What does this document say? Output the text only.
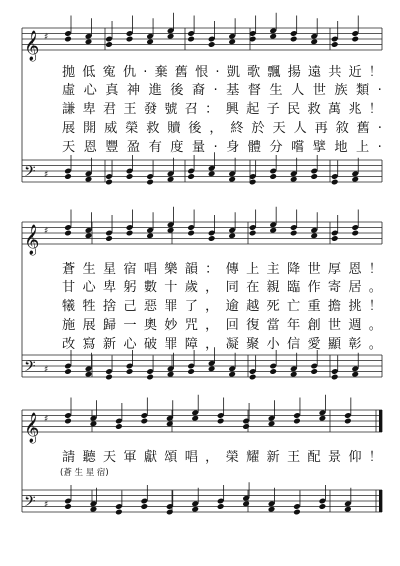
𝄞 ♯
𝄢 ♯
𝄞 ♯
𝄢 ♯
𝄞 ♯
𝄢 ♯
拋 低 寃 仇 ‧ 棄 舊 恨 ‧ 凱 歌 飄 揚 遠 共 近 ！
虛 心 真 神 進 後 裔 ‧ 基 督 生 人 世 族 類 ‧
謙 卑 君 王 發 號 召 ： 興 起 子 民 救 萬 兆 ！
展 開 威 榮 救 贖 後 ， 終 於 天 人 再 敘 舊 ‧
天 恩 豐 盈 有 度 量 ‧ 身 體 分 嚐 擘 地 上 ‧
蒼 生 星 宿 唱 樂 韻 ： 傳 上 主 降 世 厚 恩 ！
甘 心 卑 躬 數 十 歲 ， 同 在 親 臨 作 寄 居 。
犧 牲 捨 己 惡 罪 了 ， 逾 越 死 亡 重 擔 挑 ！
施 展 歸 一 奧 妙 咒 ， 回 復 當 年 創 世 週 。
改 寫 新 心 破 罪 障 ， 凝 聚 小 信 愛 顯 彰 。
請 聽 天 軍 獻 頌 唱 ， 榮 耀 新 王 配 景 仰 ！
(蒼 生 星 宿)
